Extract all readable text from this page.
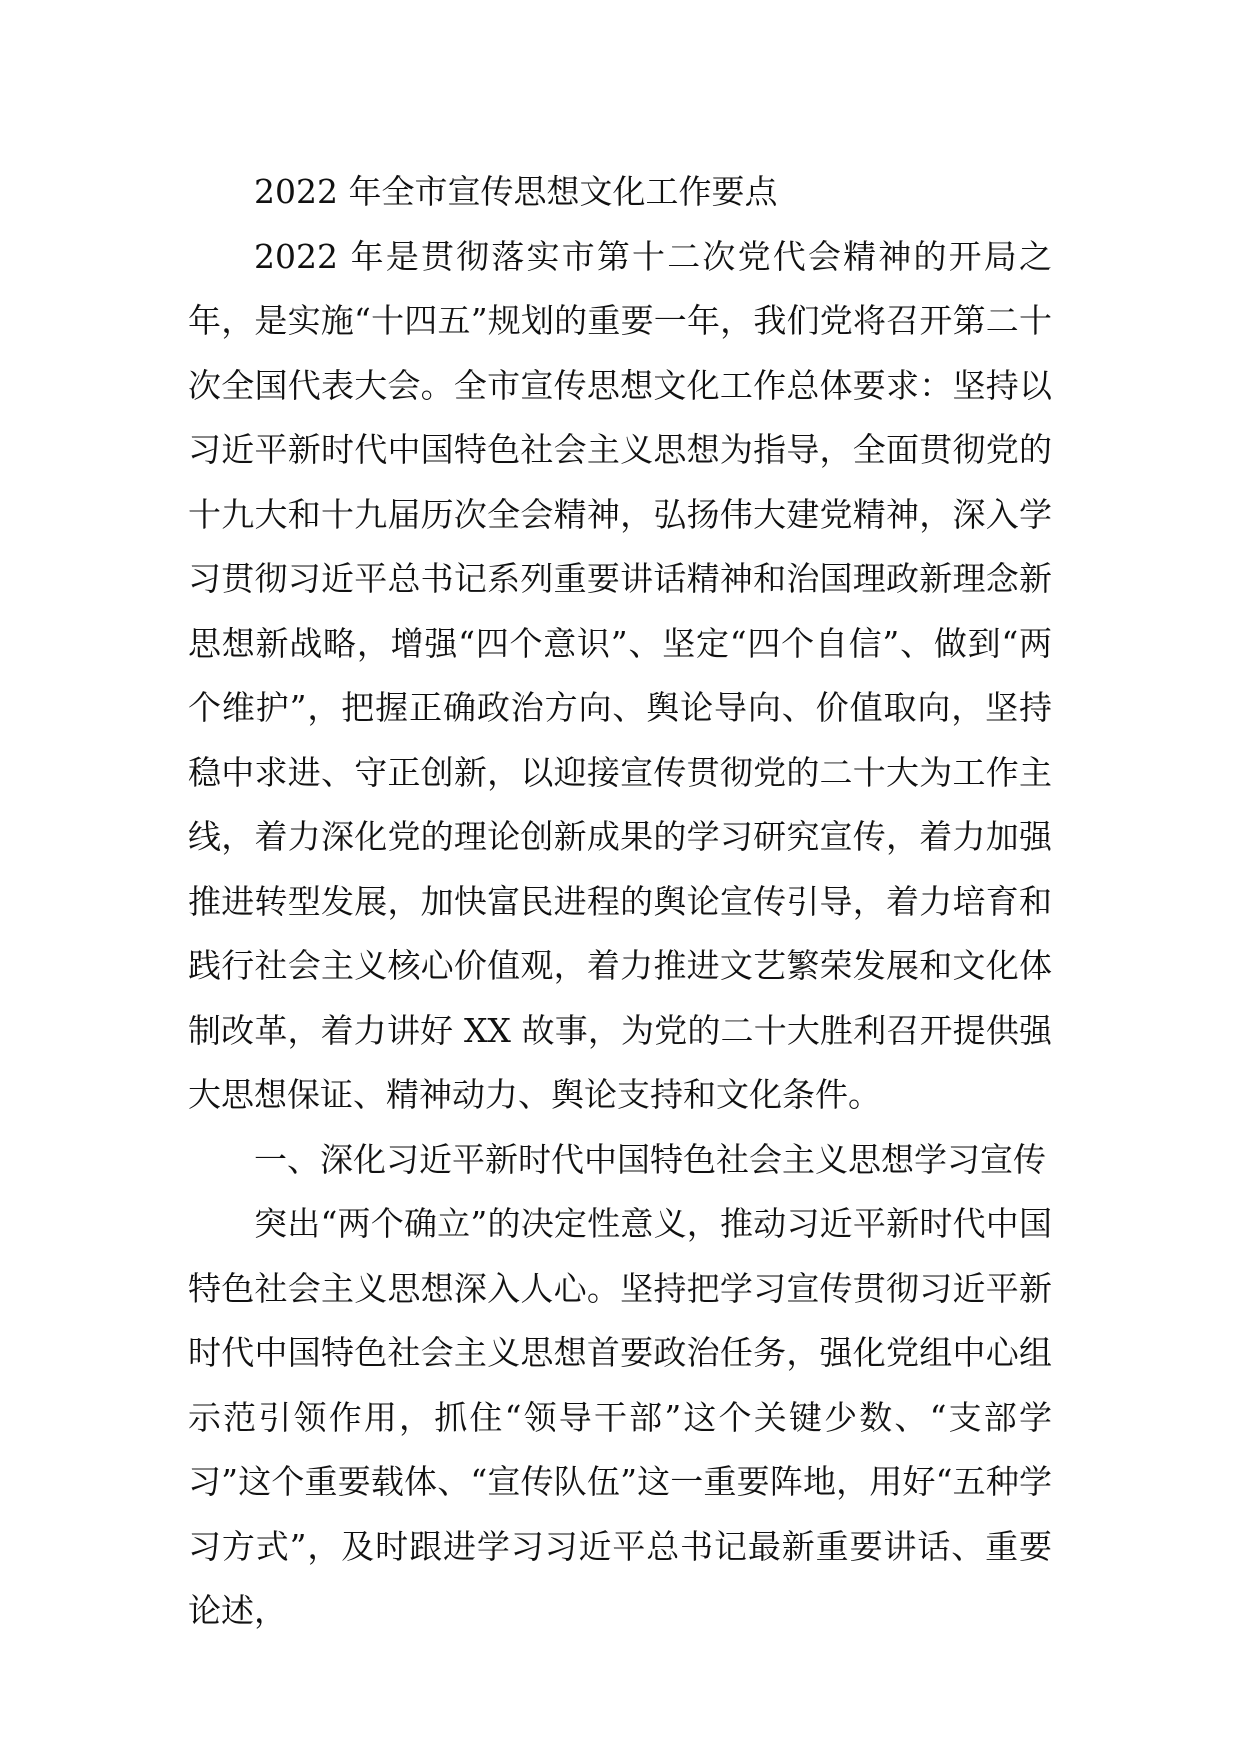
2022 年全市宣传思想文化工作要点

2022 年是贯彻落实市第十二次党代会精神的开局之年，是实施“十四五”规划的重要一年，我们党将召开第二十次全国代表大会。全市宣传思想文化工作总体要求：坚持以习近平新时代中国特色社会主义思想为指导，全面贯彻党的十九大和十九届历次全会精神，弘扬伟大建党精神，深入学习贯彻习近平总书记系列重要讲话精神和治国理政新理念新思想新战略，增强“四个意识”、坚定“四个自信”、做到“两个维护”，把握正确政治方向、舆论导向、价值取向，坚持稳中求进、守正创新，以迎接宣传贯彻党的二十大为工作主线，着力深化党的理论创新成果的学习研究宣传，着力加强推进转型发展，加快富民进程的舆论宣传引导，着力培育和践行社会主义核心价值观，着力推进文艺繁荣发展和文化体制改革，着力讲好 XX 故事，为党的二十大胜利召开提供强大思想保证、精神动力、舆论支持和文化条件。

一、深化习近平新时代中国特色社会主义思想学习宣传

突出“两个确立”的决定性意义，推动习近平新时代中国特色社会主义思想深入人心。坚持把学习宣传贯彻习近平新时代中国特色社会主义思想首要政治任务，强化党组中心组示范引领作用，抓住“领导干部”这个关键少数、“支部学习”这个重要载体、“宣传队伍”这一重要阵地，用好“五种学习方式”，及时跟进学习习近平总书记最新重要讲话、重要论述，
